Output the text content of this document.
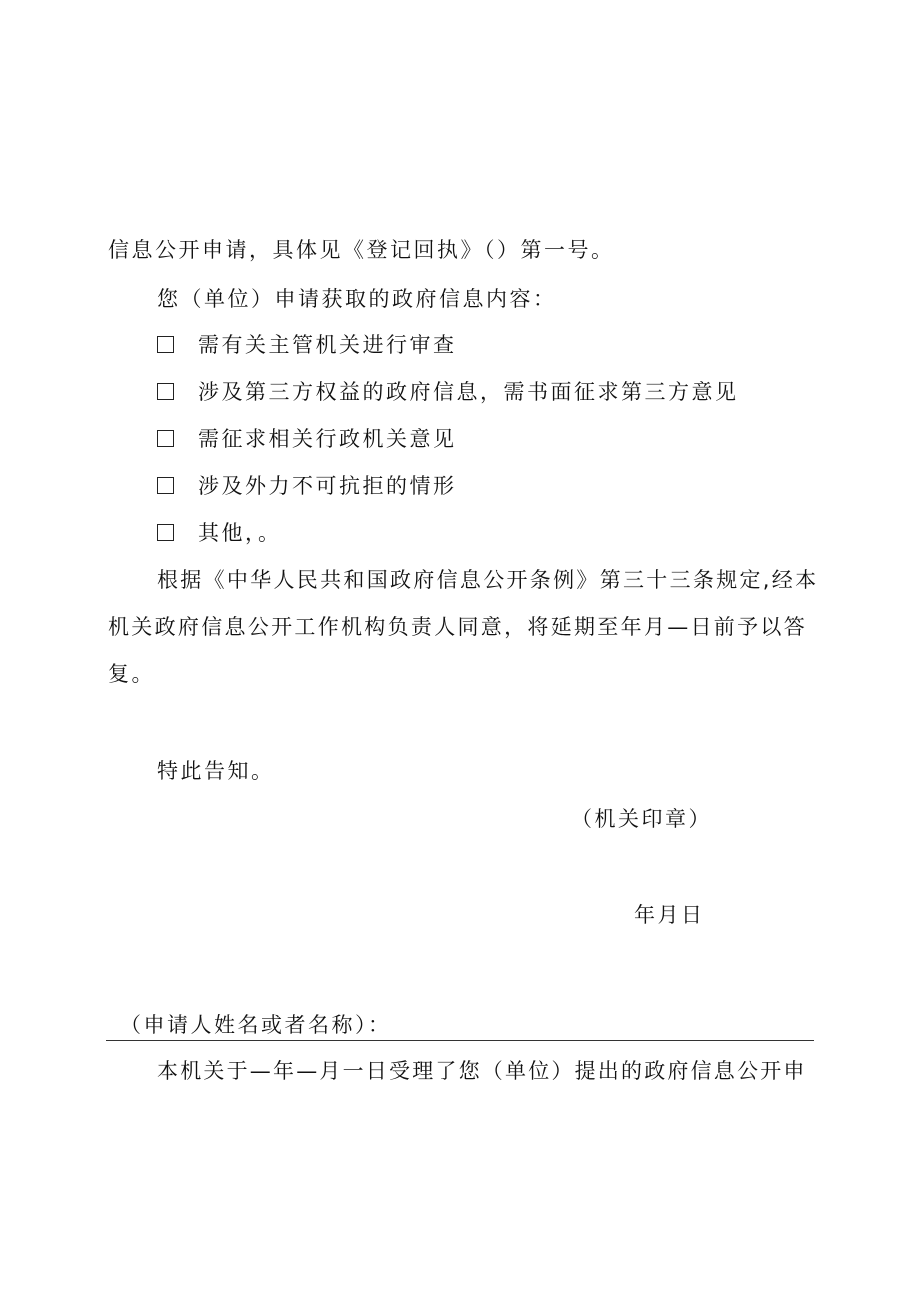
信息公开申请，具体见《登记回执》（）第一号。
您（单位）申请获取的政府信息内容：
需有关主管机关进行审查
涉及第三方权益的政府信息，需书面征求第三方意见
需征求相关行政机关意见
涉及外力不可抗拒的情形
其他，。
根据《中华人民共和国政府信息公开条例》第三十三条规定,经本
机关政府信息公开工作机构负责人同意，将延期至年月—日前予以答
复。
特此告知。
（机关印章）
年月日
（申请人姓名或者名称）：
本机关于—年—月一日受理了您（单位）提出的政府信息公开申
